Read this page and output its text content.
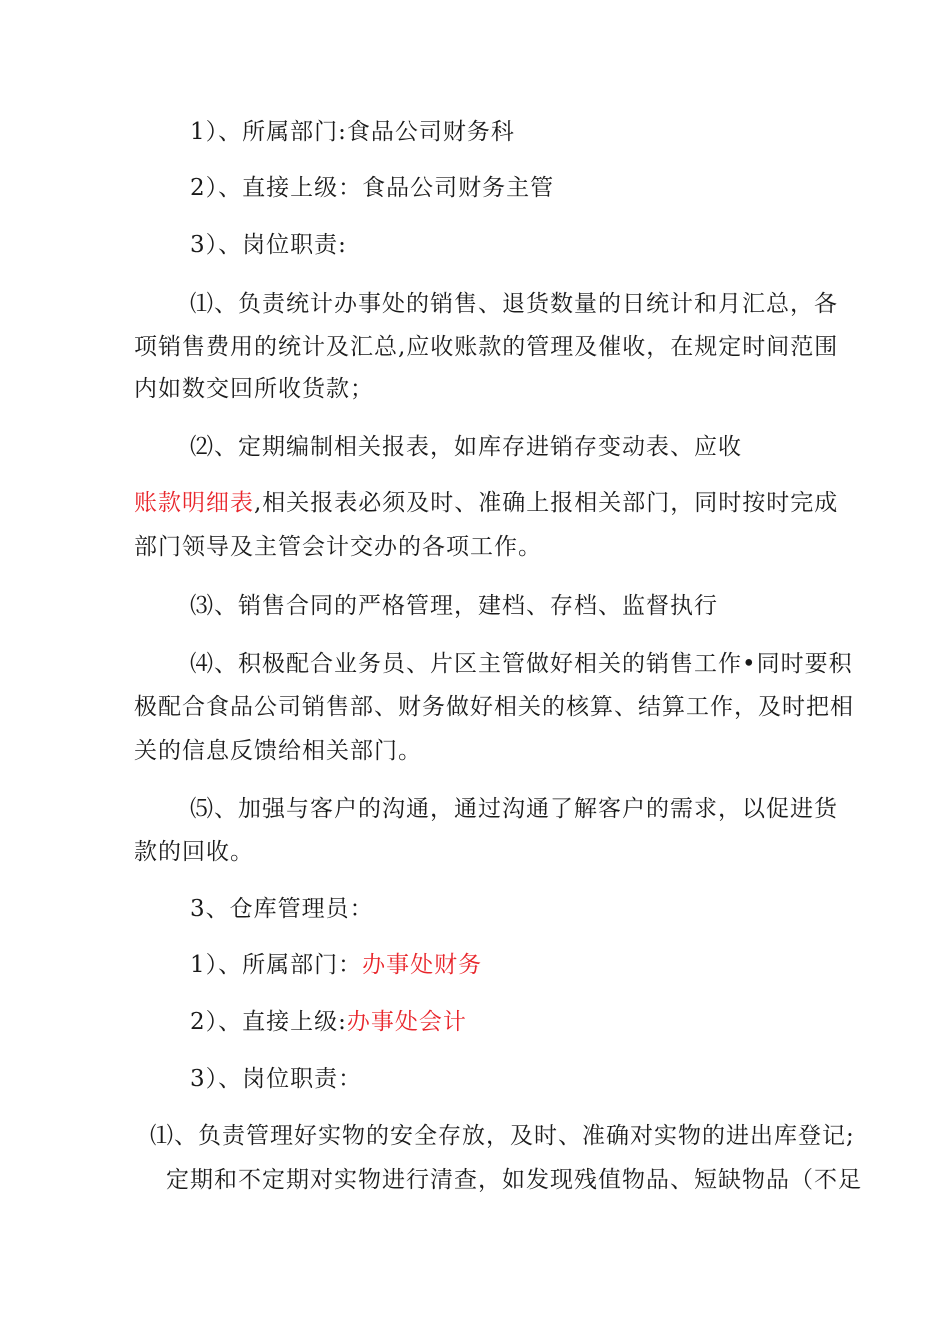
1）、所属部门:食品公司财务科
2）、直接上级：食品公司财务主管
3）、岗位职责:
⑴、负责统计办事处的销售、退货数量的日统计和月汇总，各
项销售费用的统计及汇总,应收账款的管理及催收，在规定时间范围
内如数交回所收货款；
⑵、定期编制相关报表，如库存进销存变动表、应收
账款明细表,相关报表必须及时、准确上报相关部门，同时按时完成
部门领导及主管会计交办的各项工作。
⑶、销售合同的严格管理，建档、存档、监督执行
⑷、积极配合业务员、片区主管做好相关的销售工作•同时要积
极配合食品公司销售部、财务做好相关的核算、结算工作，及时把相
关的信息反馈给相关部门。
⑸、加强与客户的沟通，通过沟通了解客户的需求，以促进货
款的回收。
3、仓库管理员：
1）、所属部门：办事处财务
2）、直接上级:办事处会计
3）、岗位职责：
⑴、负责管理好实物的安全存放，及时、准确对实物的进出库登记;
定期和不定期对实物进行清查，如发现残值物品、短缺物品（不足
